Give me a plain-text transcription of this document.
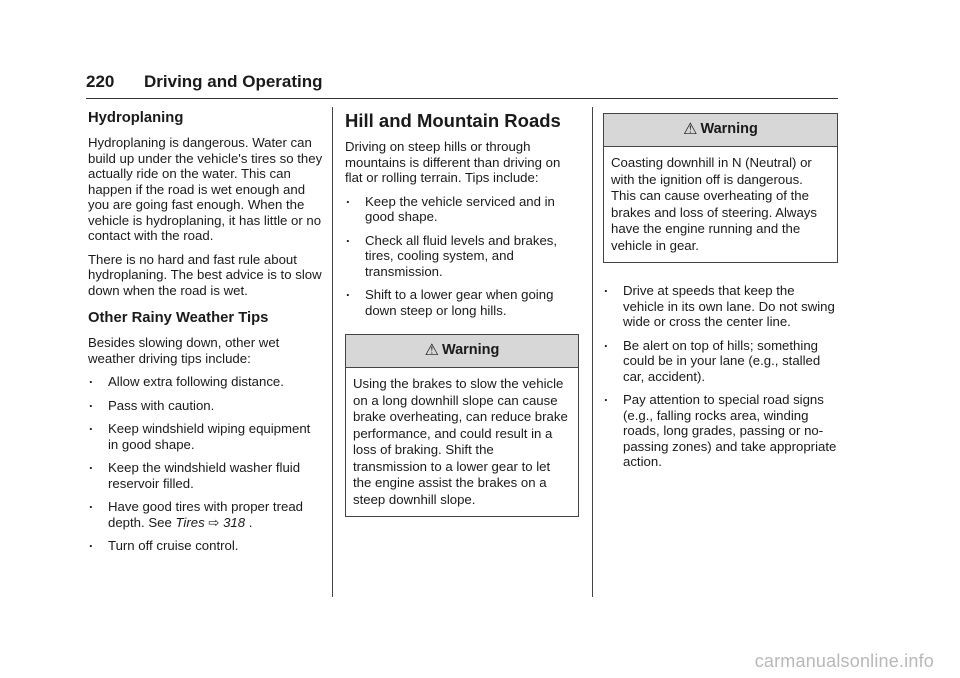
220 Driving and Operating
Hydroplaning

Hydroplaning is dangerous. Water can build up under the vehicle's tires so they actually ride on the water. This can happen if the road is wet enough and you are going fast enough. When the vehicle is hydroplaning, it has little or no contact with the road.

There is no hard and fast rule about hydroplaning. The best advice is to slow down when the road is wet.

Other Rainy Weather Tips

Besides slowing down, other wet weather driving tips include:

. Allow extra following distance.
. Pass with caution.
. Keep windshield wiping equipment in good shape.
. Keep the windshield washer fluid reservoir filled.
. Have good tires with proper tread depth. See Tires ⇨ 318 .
. Turn off cruise control.
Hill and Mountain Roads

Driving on steep hills or through mountains is different than driving on flat or rolling terrain. Tips include:

. Keep the vehicle serviced and in good shape.
. Check all fluid levels and brakes, tires, cooling system, and transmission.
. Shift to a lower gear when going down steep or long hills.
⚠ Warning
Using the brakes to slow the vehicle on a long downhill slope can cause brake overheating, can reduce brake performance, and could result in a loss of braking. Shift the transmission to a lower gear to let the engine assist the brakes on a steep downhill slope.
⚠ Warning
Coasting downhill in N (Neutral) or with the ignition off is dangerous. This can cause overheating of the brakes and loss of steering. Always have the engine running and the vehicle in gear.
. Drive at speeds that keep the vehicle in its own lane. Do not swing wide or cross the center line.
. Be alert on top of hills; something could be in your lane (e.g., stalled car, accident).
. Pay attention to special road signs (e.g., falling rocks area, winding roads, long grades, passing or no-passing zones) and take appropriate action.
carmanualsonline.info
